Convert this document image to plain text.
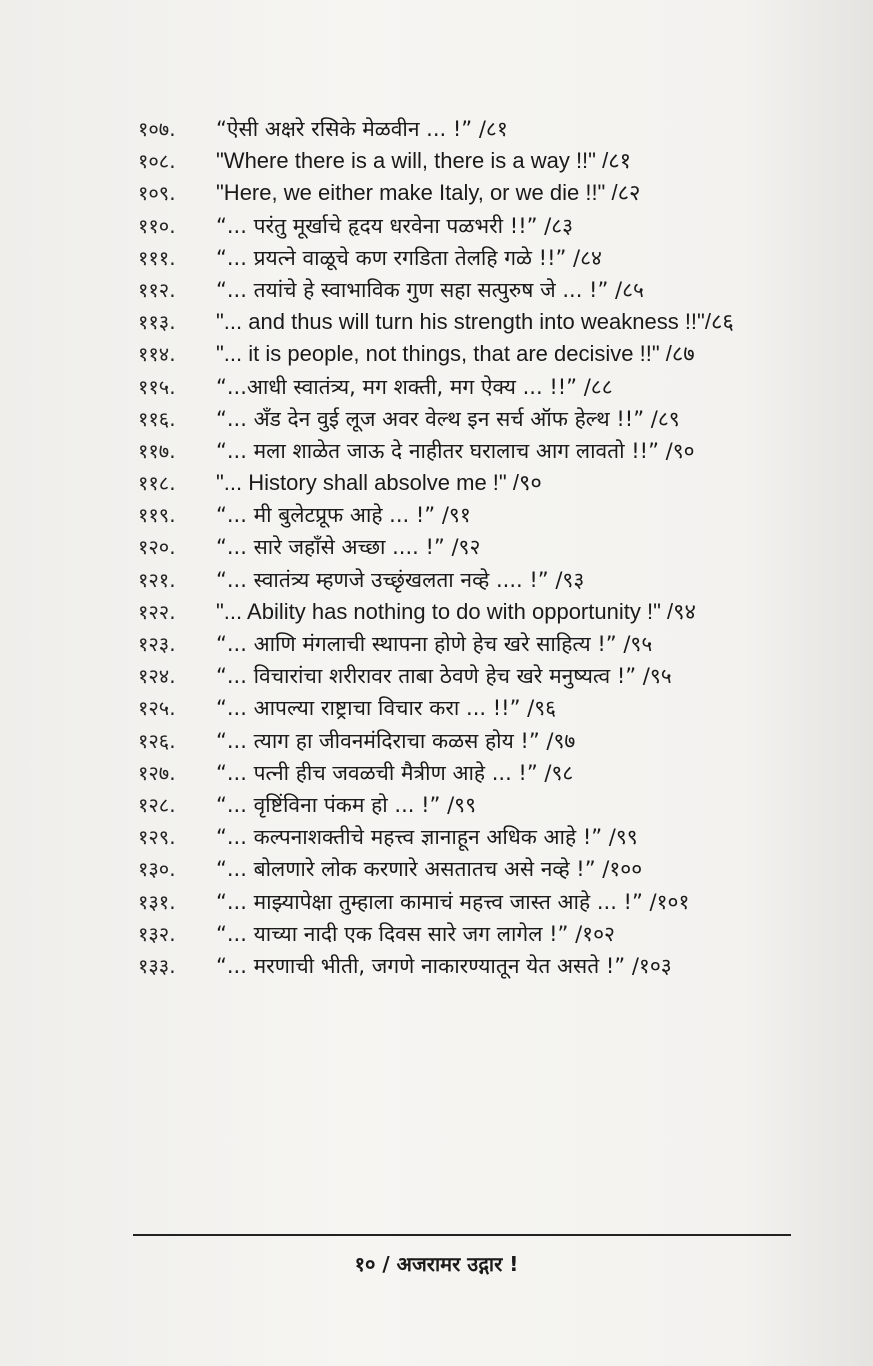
१०७.	“ऐसी अक्षरे रसिके मेळवीन ... !” /८१
१०८.	"Where there is a will, there is a way !!" /८१
१०९.	"Here, we either make Italy, or we die !!" /८२
११०.	“... परंतु मूर्खाचे हृदय धरवेना पळभरी !!” /८३
१११.	“... प्रयत्ने वाळूचे कण रगडिता तेलहि गळे !!” /८४
११२.	“... तयांचे हे स्वाभाविक गुण सहा सत्पुरुष जे ... !” /८५
११३.	"... and thus will turn his strength into weakness !!"/८६
११४.	"... it is people, not things, that are decisive !!" /८७
११५.	“...आधी स्वातंत्र्य, मग शक्ती, मग ऐक्य ... !!” /८८
११६.	“... अँड देन वुई लूज अवर वेल्थ इन सर्च ऑफ हेल्थ !!” /८९
११७.	“... मला शाळेत जाऊ दे नाहीतर घरालाच आग लावतो !!” /९०
११८.	"... History shall absolve me !" /९०
११९.	“... मी बुलेटप्रूफ आहे ... !” /९१
१२०.	“... सारे जहाँसे अच्छा .... !” /९२
१२१.	“... स्वातंत्र्य म्हणजे उच्छृंखलता नव्हे .... !” /९३
१२२.	"... Ability has nothing to do with opportunity !" /९४
१२३.	“... आणि मंगलाची स्थापना होणे हेच खरे साहित्य !” /९५
१२४.	“... विचारांचा शरीरावर ताबा ठेवणे हेच खरे मनुष्यत्व !” /९५
१२५.	“... आपल्या राष्ट्राचा विचार करा ... !!” /९६
१२६.	“... त्याग हा जीवनमंदिराचा कळस होय !” /९७
१२७.	“... पत्नी हीच जवळची मैत्रीण आहे ... !” /९८
१२८.	“... वृष्टिंविना पंकम हो ... !” /९९
१२९.	“... कल्पनाशक्तीचे महत्त्व ज्ञानाहून अधिक आहे !” /९९
१३०.	“... बोलणारे लोक करणारे असतातच असे नव्हे !” /१००
१३१.	“... माझ्यापेक्षा तुम्हाला कामाचं महत्त्व जास्त आहे ... !” /१०१
१३२.	“... याच्या नादी एक दिवस सारे जग लागेल !” /१०२
१३३.	“... मरणाची भीती, जगणे नाकारण्यातून येत असते !” /१०३
१० / अजरामर उद्गार !
